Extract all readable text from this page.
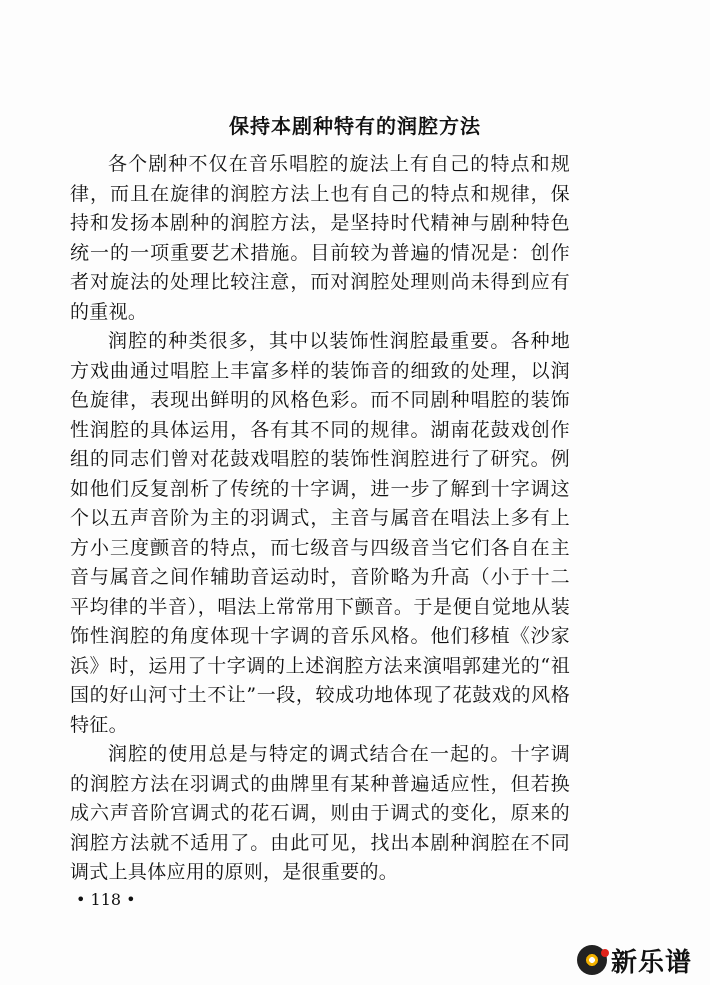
保持本剧种特有的润腔方法

各个剧种不仅在音乐唱腔的旋法上有自己的特点和规律，而且在旋律的润腔方法上也有自己的特点和规律，保持和发扬本剧种的润腔方法，是坚持时代精神与剧种特色统一的一项重要艺术措施。目前较为普遍的情况是：创作者对旋法的处理比较注意，而对润腔处理则尚未得到应有的重视。

润腔的种类很多，其中以装饰性润腔最重要。各种地方戏曲通过唱腔上丰富多样的装饰音的细致的处理，以润色旋律，表现出鲜明的风格色彩。而不同剧种唱腔的装饰性润腔的具体运用，各有其不同的规律。湖南花鼓戏创作组的同志们曾对花鼓戏唱腔的装饰性润腔进行了研究。例如他们反复剖析了传统的十字调，进一步了解到十字调这个以五声音阶为主的羽调式，主音与属音在唱法上多有上方小三度颤音的特点，而七级音与四级音当它们各自在主音与属音之间作辅助音运动时，音阶略为升高（小于十二平均律的半音），唱法上常常用下颤音。于是便自觉地从装饰性润腔的角度体现十字调的音乐风格。他们移植《沙家浜》时，运用了十字调的上述润腔方法来演唱郭建光的“祖国的好山河寸土不让”一段，较成功地体现了花鼓戏的风格特征。

润腔的使用总是与特定的调式结合在一起的。十字调的润腔方法在羽调式的曲牌里有某种普遍适应性，但若换成六声音阶宫调式的花石调，则由于调式的变化，原来的润腔方法就不适用了。由此可见，找出本剧种润腔在不同调式上具体应用的原则，是很重要的。

• 118 •
新乐谱
